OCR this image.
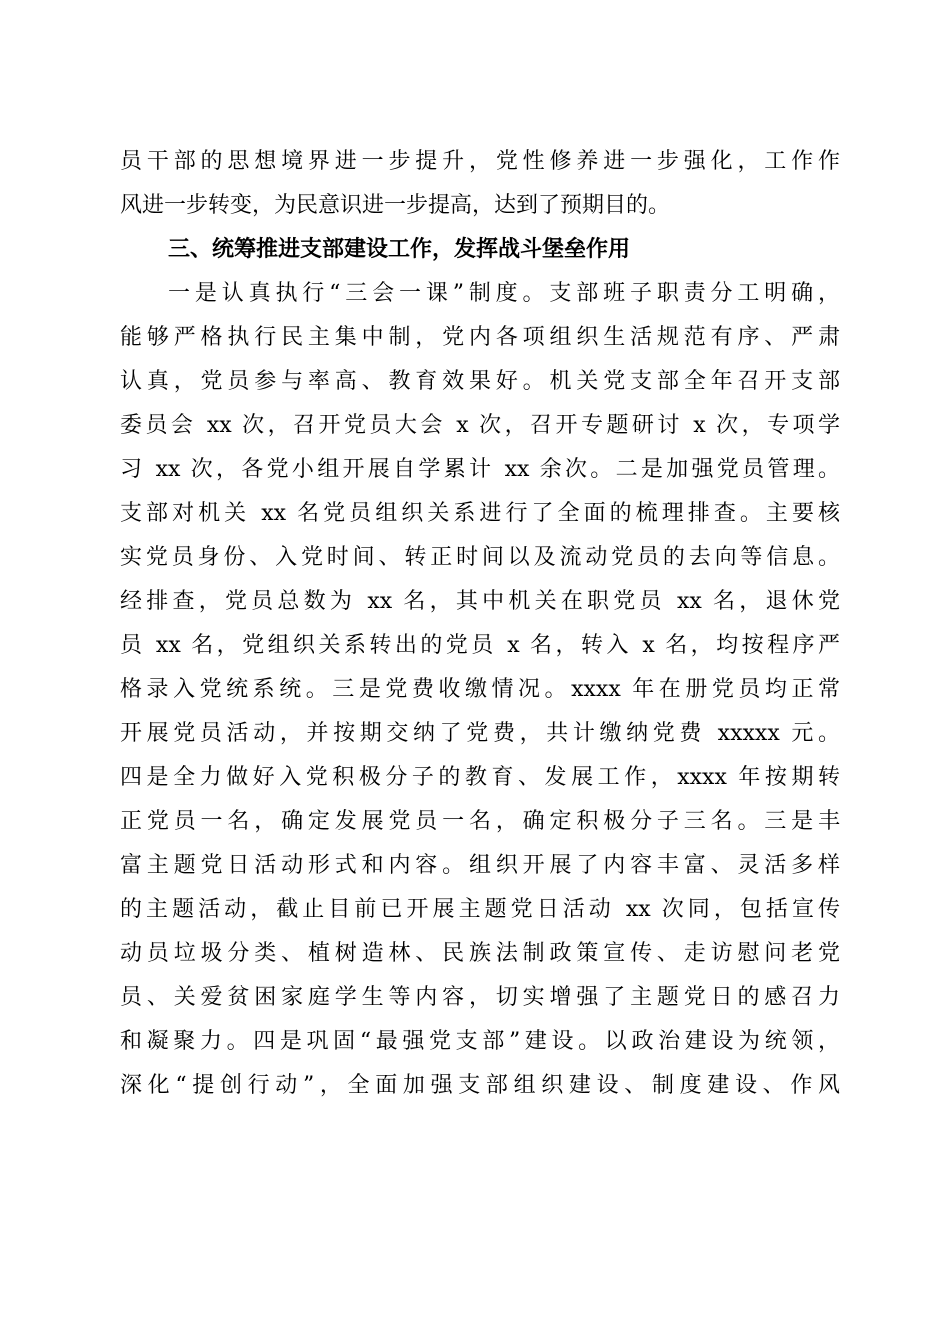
员干部的思想境界进一步提升，党性修养进一步强化，工作作
风进一步转变，为民意识进一步提高，达到了预期目的。
三、统筹推进支部建设工作，发挥战斗堡垒作用
一是认真执行“三会一课”制度。支部班子职责分工明确，
能够严格执行民主集中制，党内各项组织生活规范有序、严肃
认真，党员参与率高、教育效果好。机关党支部全年召开支部
委员会 xx 次，召开党员大会 x 次，召开专题研讨 x 次，专项学
习 xx 次，各党小组开展自学累计 xx 余次。二是加强党员管理。
支部对机关 xx 名党员组织关系进行了全面的梳理排查。主要核
实党员身份、入党时间、转正时间以及流动党员的去向等信息。
经排查，党员总数为 xx 名，其中机关在职党员 xx 名，退休党
员 xx 名，党组织关系转出的党员 x 名，转入 x 名，均按程序严
格录入党统系统。三是党费收缴情况。xxxx 年在册党员均正常
开展党员活动，并按期交纳了党费，共计缴纳党费 xxxxx 元。
四是全力做好入党积极分子的教育、发展工作，xxxx 年按期转
正党员一名，确定发展党员一名，确定积极分子三名。三是丰
富主题党日活动形式和内容。组织开展了内容丰富、灵活多样
的主题活动，截止目前已开展主题党日活动 xx 次同，包括宣传
动员垃圾分类、植树造林、民族法制政策宣传、走访慰问老党
员、关爱贫困家庭学生等内容，切实增强了主题党日的感召力
和凝聚力。四是巩固“最强党支部”建设。以政治建设为统领，
深化“提创行动”，全面加强支部组织建设、制度建设、作风
